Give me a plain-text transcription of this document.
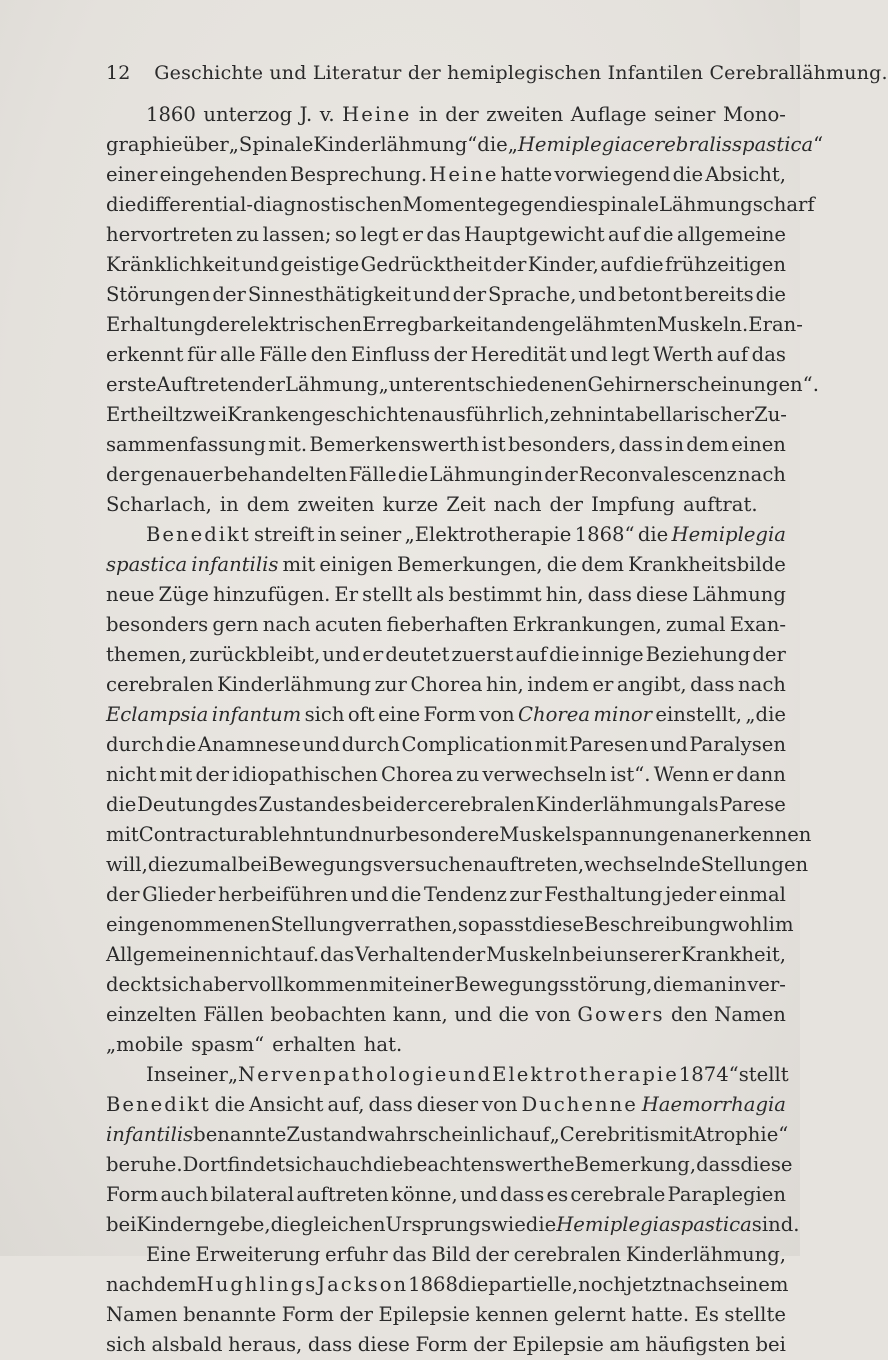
12 Geschichte und Literatur der hemiplegischen Infantilen Cerebrallähmung.
1860 unterzog J. v. Heine in der zweiten Auflage seiner Mono-
graphie über „Spinale Kinderlähmung“ die „ Hemiplegia cerebralis spastica “
einer eingehenden Besprechung. Heine hatte vorwiegend die Absicht,
die differential-diagnostischen Momente gegen die spinale Lähmung scharf
hervortreten zu lassen; so legt er das Hauptgewicht auf die allgemeine
Kränklichkeit und geistige Gedrücktheit der Kinder, auf die frühzeitigen
Störungen der Sinnesthätigkeit und der Sprache, und betont bereits die
Erhaltung der elektrischen Erregbarkeit an den gelähmten Muskeln. Er an-
erkennt für alle Fälle den Einfluss der Heredität und legt Werth auf das
erste Auftreten der Lähmung „unter entschiedenen Gehirnerscheinungen“.
Er theilt zwei Krankengeschichten ausführlich, zehn in tabellarischer Zu-
sammenfassung mit. Bemerkenswerth ist besonders, dass in dem einen
der genauer behandelten Fälle die Lähmung in der Reconvalescenz nach
Scharlach, in dem zweiten kurze Zeit nach der Impfung auftrat.
Benedikt streift in seiner „Elektrotherapie 1868“ die Hemiplegia
spastica infantilis mit einigen Bemerkungen, die dem Krankheitsbilde
neue Züge hinzufügen. Er stellt als bestimmt hin, dass diese Lähmung
besonders gern nach acuten fieberhaften Erkrankungen, zumal Exan-
themen, zurückbleibt, und er deutet zuerst auf die innige Beziehung der
cerebralen Kinderlähmung zur Chorea hin, indem er angibt, dass nach
Eclampsia infantum sich oft eine Form von Chorea minor einstellt, „die
durch die Anamnese und durch Complication mit Paresen und Paralysen
nicht mit der idiopathischen Chorea zu verwechseln ist“. Wenn er dann
die Deutung des Zustandes bei der cerebralen Kinderlähmung als Parese
mit Contractur ablehnt und nur besondere Muskelspannungen anerkennen
will, die zumal bei Bewegungsversuchen auftreten, wechselnde Stellungen
der Glieder herbeiführen und die Tendenz zur Festhaltung jeder einmal
eingenommenen Stellung verrathen, so passt diese Beschreibung wohl im
Allgemeinen nicht auf. das Verhalten der Muskeln bei unserer Krankheit,
deckt sich aber vollkommen mit einer Bewegungsstörung, die man in ver-
einzelten Fällen beobachten kann, und die von Gowers den Namen
„mobile spasm“ erhalten hat.
In seiner „ Nervenpathologie und Elektrotherapie 1874“ stellt
Benedikt die Ansicht auf, dass dieser von Duchenne Haemorrhagia
infantilis benannte Zustand wahrscheinlich auf „Cerebritis mit Atrophie“
beruhe. Dort findet sich auch die beachtenswerthe Bemerkung, dass diese
Form auch bilateral auftreten könne, und dass es cerebrale Paraplegien
bei Kindern gebe, die gleichen Ursprungs wie die Hemiplegia spastica sind.
Eine Erweiterung erfuhr das Bild der cerebralen Kinderlähmung,
nachdem Hughlings Jackson 1868 die partielle, noch jetzt nach seinem
Namen benannte Form der Epilepsie kennen gelernt hatte. Es stellte
sich alsbald heraus, dass diese Form der Epilepsie am häufigsten bei
